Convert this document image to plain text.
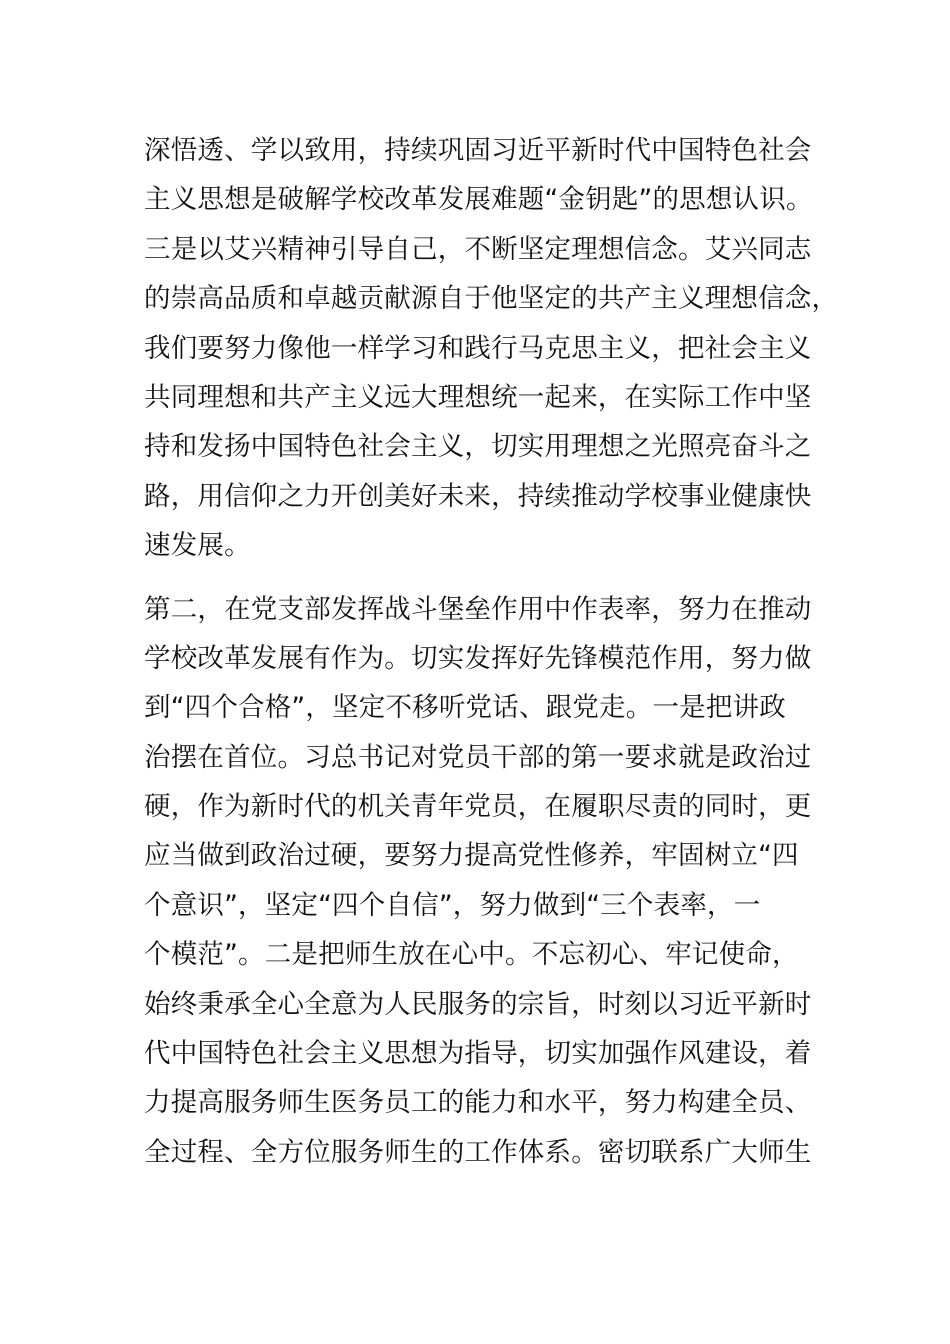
深悟透、学以致用，持续巩固习近平新时代中国特色社会
主义思想是破解学校改革发展难题“金钥匙”的思想认识。
三是以艾兴精神引导自己，不断坚定理想信念。艾兴同志
的崇高品质和卓越贡献源自于他坚定的共产主义理想信念，
我们要努力像他一样学习和践行马克思主义，把社会主义
共同理想和共产主义远大理想统一起来，在实际工作中坚
持和发扬中国特色社会主义，切实用理想之光照亮奋斗之
路，用信仰之力开创美好未来，持续推动学校事业健康快
速发展。
第二，在党支部发挥战斗堡垒作用中作表率，努力在推动
学校改革发展有作为。切实发挥好先锋模范作用，努力做
到“四个合格”，坚定不移听党话、跟党走。一是把讲政
治摆在首位。习总书记对党员干部的第一要求就是政治过
硬，作为新时代的机关青年党员，在履职尽责的同时，更
应当做到政治过硬，要努力提高党性修养，牢固树立“四
个意识”，坚定“四个自信”，努力做到“三个表率，一
个模范”。二是把师生放在心中。不忘初心、牢记使命，
始终秉承全心全意为人民服务的宗旨，时刻以习近平新时
代中国特色社会主义思想为指导，切实加强作风建设，着
力提高服务师生医务员工的能力和水平，努力构建全员、
全过程、全方位服务师生的工作体系。密切联系广大师生
